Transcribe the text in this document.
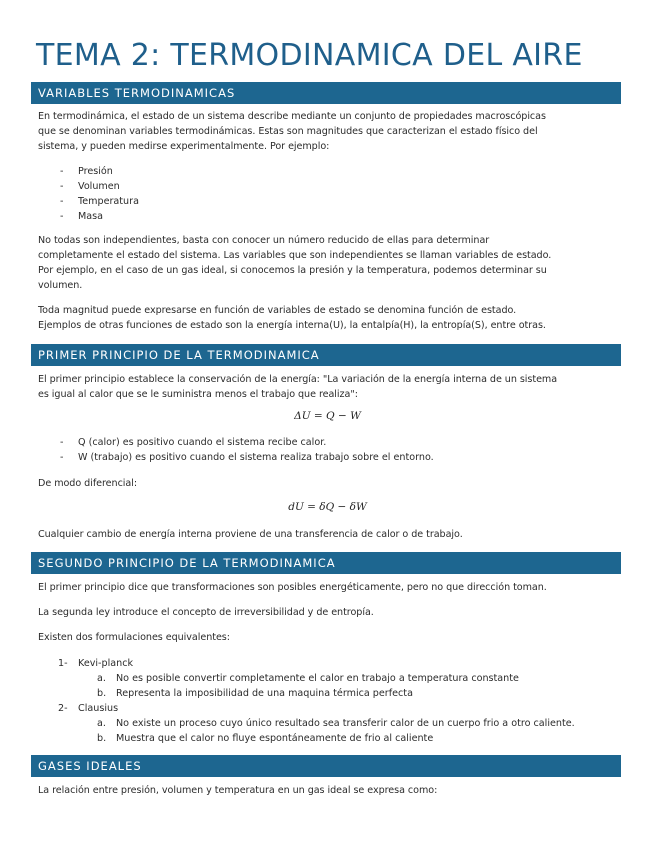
TEMA 2: TERMODINAMICA DEL AIRE
VARIABLES TERMODINAMICAS
En termodinámica, el estado de un sistema describe mediante un conjunto de propiedades macroscópicas
que se denominan variables termodinámicas. Estas son magnitudes que caracterizan el estado físico del
sistema, y pueden medirse experimentalmente. Por ejemplo:
- Presión
- Volumen
- Temperatura
- Masa
No todas son independientes, basta con conocer un número reducido de ellas para determinar
completamente el estado del sistema. Las variables que son independientes se llaman variables de estado.
Por ejemplo, en el caso de un gas ideal, si conocemos la presión y la temperatura, podemos determinar su
volumen.
Toda magnitud puede expresarse en función de variables de estado se denomina función de estado.
Ejemplos de otras funciones de estado son la energía interna(U), la entalpía(H), la entropía(S), entre otras.
PRIMER PRINCIPIO DE LA TERMODINAMICA
El primer principio establece la conservación de la energía: "La variación de la energía interna de un sistema
es igual al calor que se le suministra menos el trabajo que realiza":
ΔU = Q − W
- Q (calor) es positivo cuando el sistema recibe calor.
- W (trabajo) es positivo cuando el sistema realiza trabajo sobre el entorno.
De modo diferencial:
dU = δQ − δW
Cualquier cambio de energía interna proviene de una transferencia de calor o de trabajo.
SEGUNDO PRINCIPIO DE LA TERMODINAMICA
El primer principio dice que transformaciones son posibles energéticamente, pero no que dirección toman.
La segunda ley introduce el concepto de irreversibilidad y de entropía.
Existen dos formulaciones equivalentes:
1- Kevi-planck
a. No es posible convertir completamente el calor en trabajo a temperatura constante
b. Representa la imposibilidad de una maquina térmica perfecta
2- Clausius
a. No existe un proceso cuyo único resultado sea transferir calor de un cuerpo frio a otro caliente.
b. Muestra que el calor no fluye espontáneamente de frio al caliente
GASES IDEALES
La relación entre presión, volumen y temperatura en un gas ideal se expresa como:
